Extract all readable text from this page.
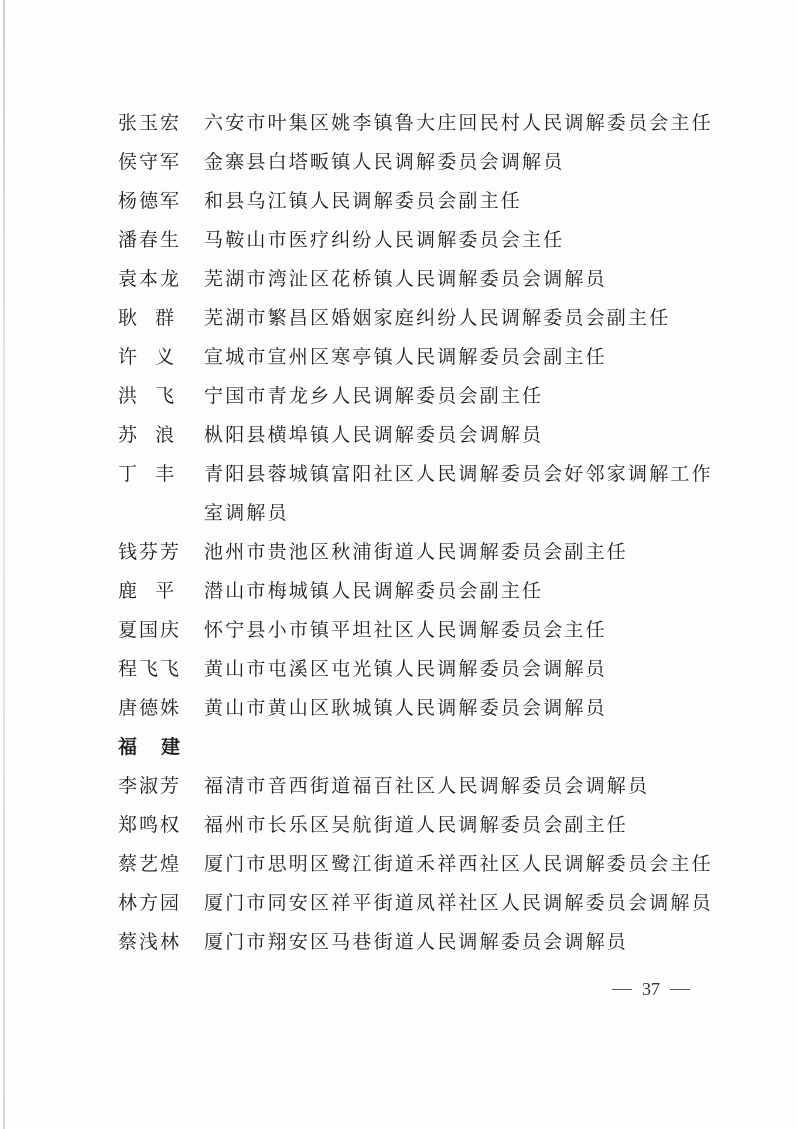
张玉宏	六安市叶集区姚李镇鲁大庄回民村人民调解委员会主任
侯守军	金寨县白塔畈镇人民调解委员会调解员
杨德军	和县乌江镇人民调解委员会副主任
潘春生	马鞍山市医疗纠纷人民调解委员会主任
袁本龙	芜湖市湾沚区花桥镇人民调解委员会调解员
耿  群	芜湖市繁昌区婚姻家庭纠纷人民调解委员会副主任
许  义	宣城市宣州区寒亭镇人民调解委员会副主任
洪  飞	宁国市青龙乡人民调解委员会副主任
苏  浪	枞阳县横埠镇人民调解委员会调解员
丁  丰	青阳县蓉城镇富阳社区人民调解委员会好邻家调解工作室调解员
钱芬芳	池州市贵池区秋浦街道人民调解委员会副主任
鹿  平	潜山市梅城镇人民调解委员会副主任
夏国庆	怀宁县小市镇平坦社区人民调解委员会主任
程飞飞	黄山市屯溪区屯光镇人民调解委员会调解员
唐德姝	黄山市黄山区耿城镇人民调解委员会调解员
福 建
李淑芳	福清市音西街道福百社区人民调解委员会调解员
郑鸣权	福州市长乐区吴航街道人民调解委员会副主任
蔡艺煌	厦门市思明区鹭江街道禾祥西社区人民调解委员会主任
林方园	厦门市同安区祥平街道凤祥社区人民调解委员会调解员
蔡浅林	厦门市翔安区马巷街道人民调解委员会调解员
37
